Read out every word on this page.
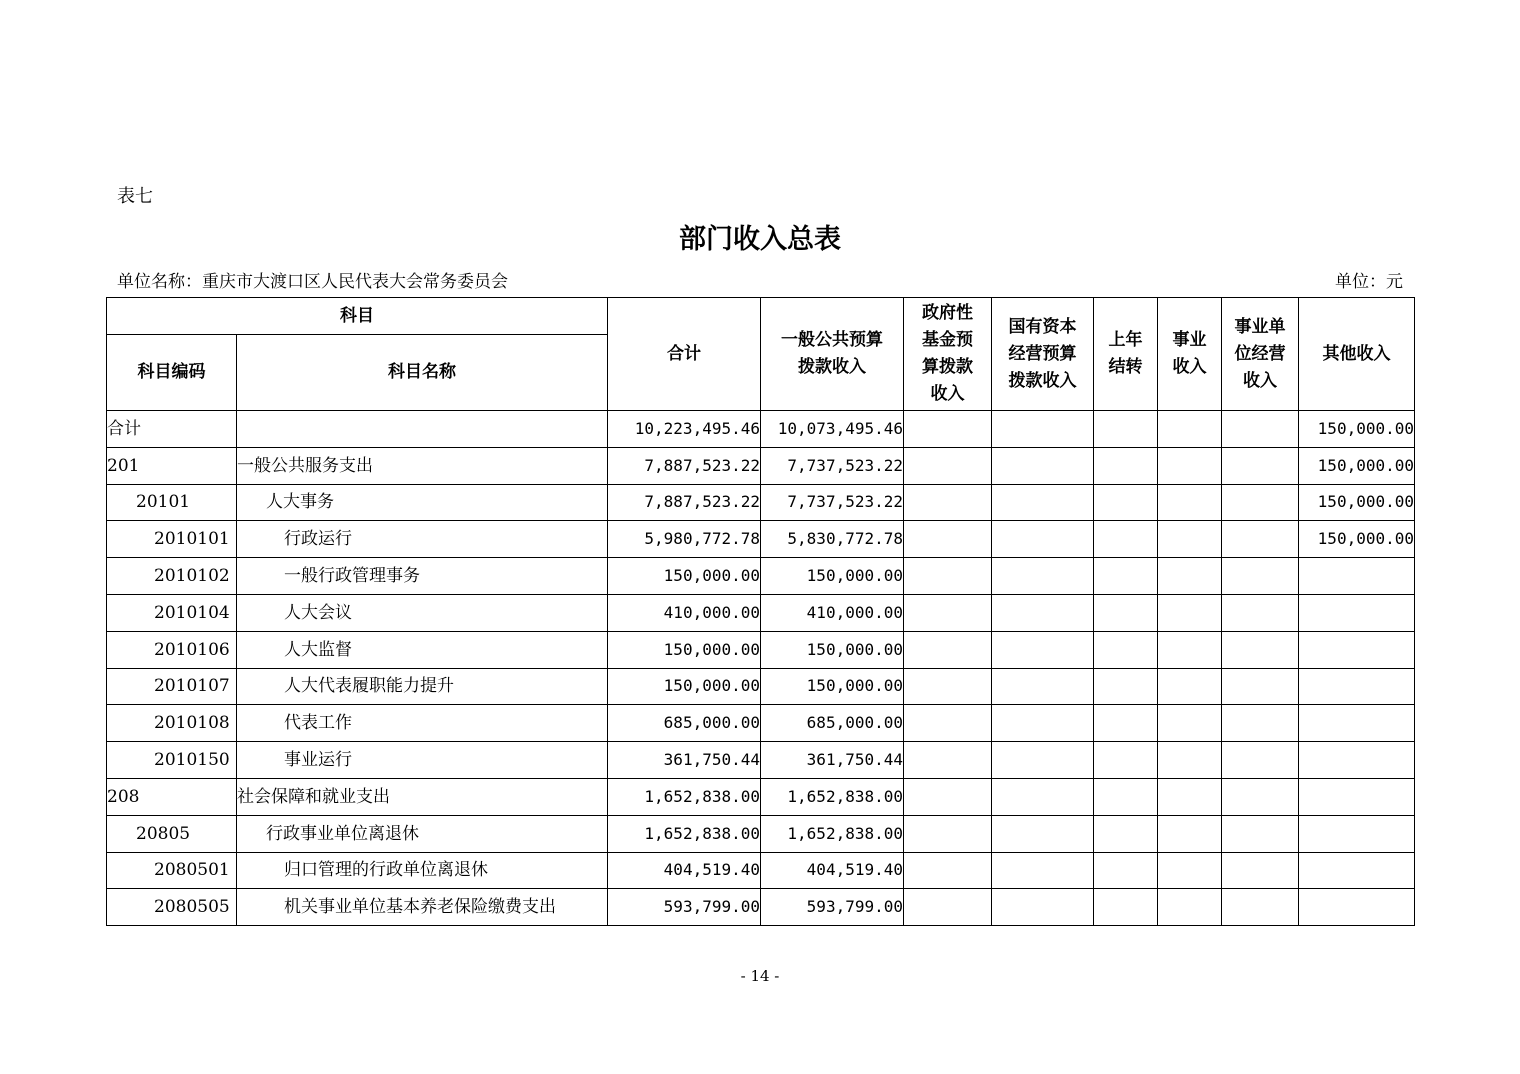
表七
部门收入总表
单位名称：重庆市大渡口区人民代表大会常务委员会	单位：元
科目		合计	一般公共预算拨款收入	政府性基金预算拨款收入	国有资本经营预算拨款收入	上年结转	事业收入	事业单位经营收入	其他收入
科目编码	科目名称								
合计		10,223,495.46	10,073,495.46						150,000.00
201	一般公共服务支出	7,887,523.22	7,737,523.22						150,000.00
20101	人大事务	7,887,523.22	7,737,523.22						150,000.00
2010101	行政运行	5,980,772.78	5,830,772.78						150,000.00
2010102	一般行政管理事务	150,000.00	150,000.00						
2010104	人大会议	410,000.00	410,000.00						
2010106	人大监督	150,000.00	150,000.00						
2010107	人大代表履职能力提升	150,000.00	150,000.00						
2010108	代表工作	685,000.00	685,000.00						
2010150	事业运行	361,750.44	361,750.44						
208	社会保障和就业支出	1,652,838.00	1,652,838.00						
20805	行政事业单位离退休	1,652,838.00	1,652,838.00						
2080501	归口管理的行政单位离退休	404,519.40	404,519.40						
2080505	机关事业单位基本养老保险缴费支出	593,799.00	593,799.00						
- 14 -
